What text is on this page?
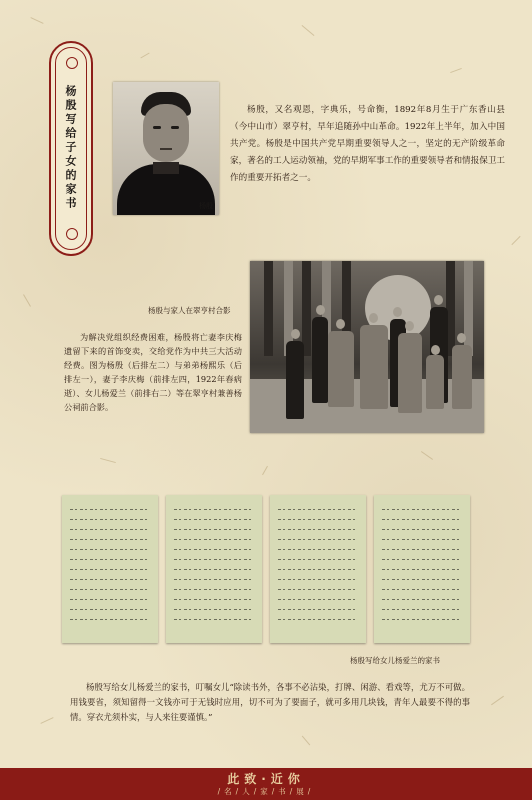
杨殷写给子女的家书	杨殷

杨殷，又名观恩，字典乐，号命衡，1892年8月生于广东香山县（今中山市）翠亨村，早年追随孙中山革命。1922年上半年，加入中国共产党。杨殷是中国共产党早期重要领导人之一，坚定的无产阶级革命家，著名的工人运动领袖，党的早期军事工作的重要领导者和情报保卫工作的重要开拓者之一。

杨殷与家人在翠亨村合影

为解决党组织经费困难，杨殷将亡妻李庆梅遗留下来的首饰变卖，交给党作为中共三大活动经费。图为杨殷（后排左二）与弟弟杨熙乐（后排左一），妻子李庆梅（前排左四，1922年春病逝）、女儿杨爱兰（前排右二）等在翠亨村兼善杨公祠前合影。

杨殷写给女儿杨爱兰的家书

杨殷写给女儿杨爱兰的家书，叮嘱女儿“除读书外，各事不必沾染，打牌、闲游、看戏等，尤万不可做。用钱要省，须知留得一文钱亦可于无钱时应用，切不可为了要面子，就可多用几块钱，青年人最要不得的事情。穿衣尤须朴实，与人来往要谨慎。”

此致·近你

/名/人/家/书/展/
